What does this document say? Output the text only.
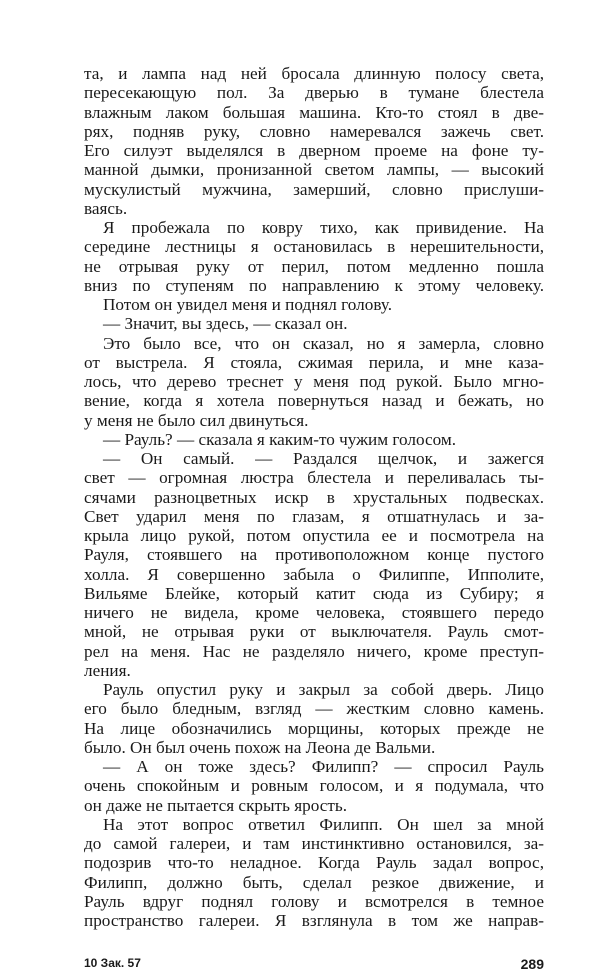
та, и лампа над ней бросала длинную полосу света,
пересекающую пол. За дверью в тумане блестела
влажным лаком большая машина. Кто-то стоял в две-
рях, подняв руку, словно намеревался зажечь свет.
Его силуэт выделялся в дверном проеме на фоне ту-
манной дымки, пронизанной светом лампы, — высокий
мускулистый мужчина, замерший, словно прислуши-
ваясь.
Я пробежала по ковру тихо, как привидение. На
середине лестницы я остановилась в нерешительности,
не отрывая руку от перил, потом медленно пошла
вниз по ступеням по направлению к этому человеку.
Потом он увидел меня и поднял голову.
— Значит, вы здесь, — сказал он.
Это было все, что он сказал, но я замерла, словно
от выстрела. Я стояла, сжимая перила, и мне каза-
лось, что дерево треснет у меня под рукой. Было мгно-
вение, когда я хотела повернуться назад и бежать, но
у меня не было сил двинуться.
— Рауль? — сказала я каким-то чужим голосом.
— Он самый. — Раздался щелчок, и зажегся
свет — огромная люстра блестела и переливалась ты-
сячами разноцветных искр в хрустальных подвесках.
Свет ударил меня по глазам, я отшатнулась и за-
крыла лицо рукой, потом опустила ее и посмотрела на
Рауля, стоявшего на противоположном конце пустого
холла. Я совершенно забыла о Филиппе, Ипполите,
Вильяме Блейке, который катит сюда из Субиру; я
ничего не видела, кроме человека, стоявшего передо
мной, не отрывая руки от выключателя. Рауль смот-
рел на меня. Нас не разделяло ничего, кроме преступ-
ления.
Рауль опустил руку и закрыл за собой дверь. Лицо
его было бледным, взгляд — жестким словно камень.
На лице обозначились морщины, которых прежде не
было. Он был очень похож на Леона де Вальми.
— А он тоже здесь? Филипп? — спросил Рауль
очень спокойным и ровным голосом, и я подумала, что
он даже не пытается скрыть ярость.
На этот вопрос ответил Филипп. Он шел за мной
до самой галереи, и там инстинктивно остановился, за-
подозрив что-то неладное. Когда Рауль задал вопрос,
Филипп, должно быть, сделал резкое движение, и
Рауль вдруг поднял голову и всмотрелся в темное
пространство галереи. Я взглянула в том же направ-
10 Зак. 57	289
